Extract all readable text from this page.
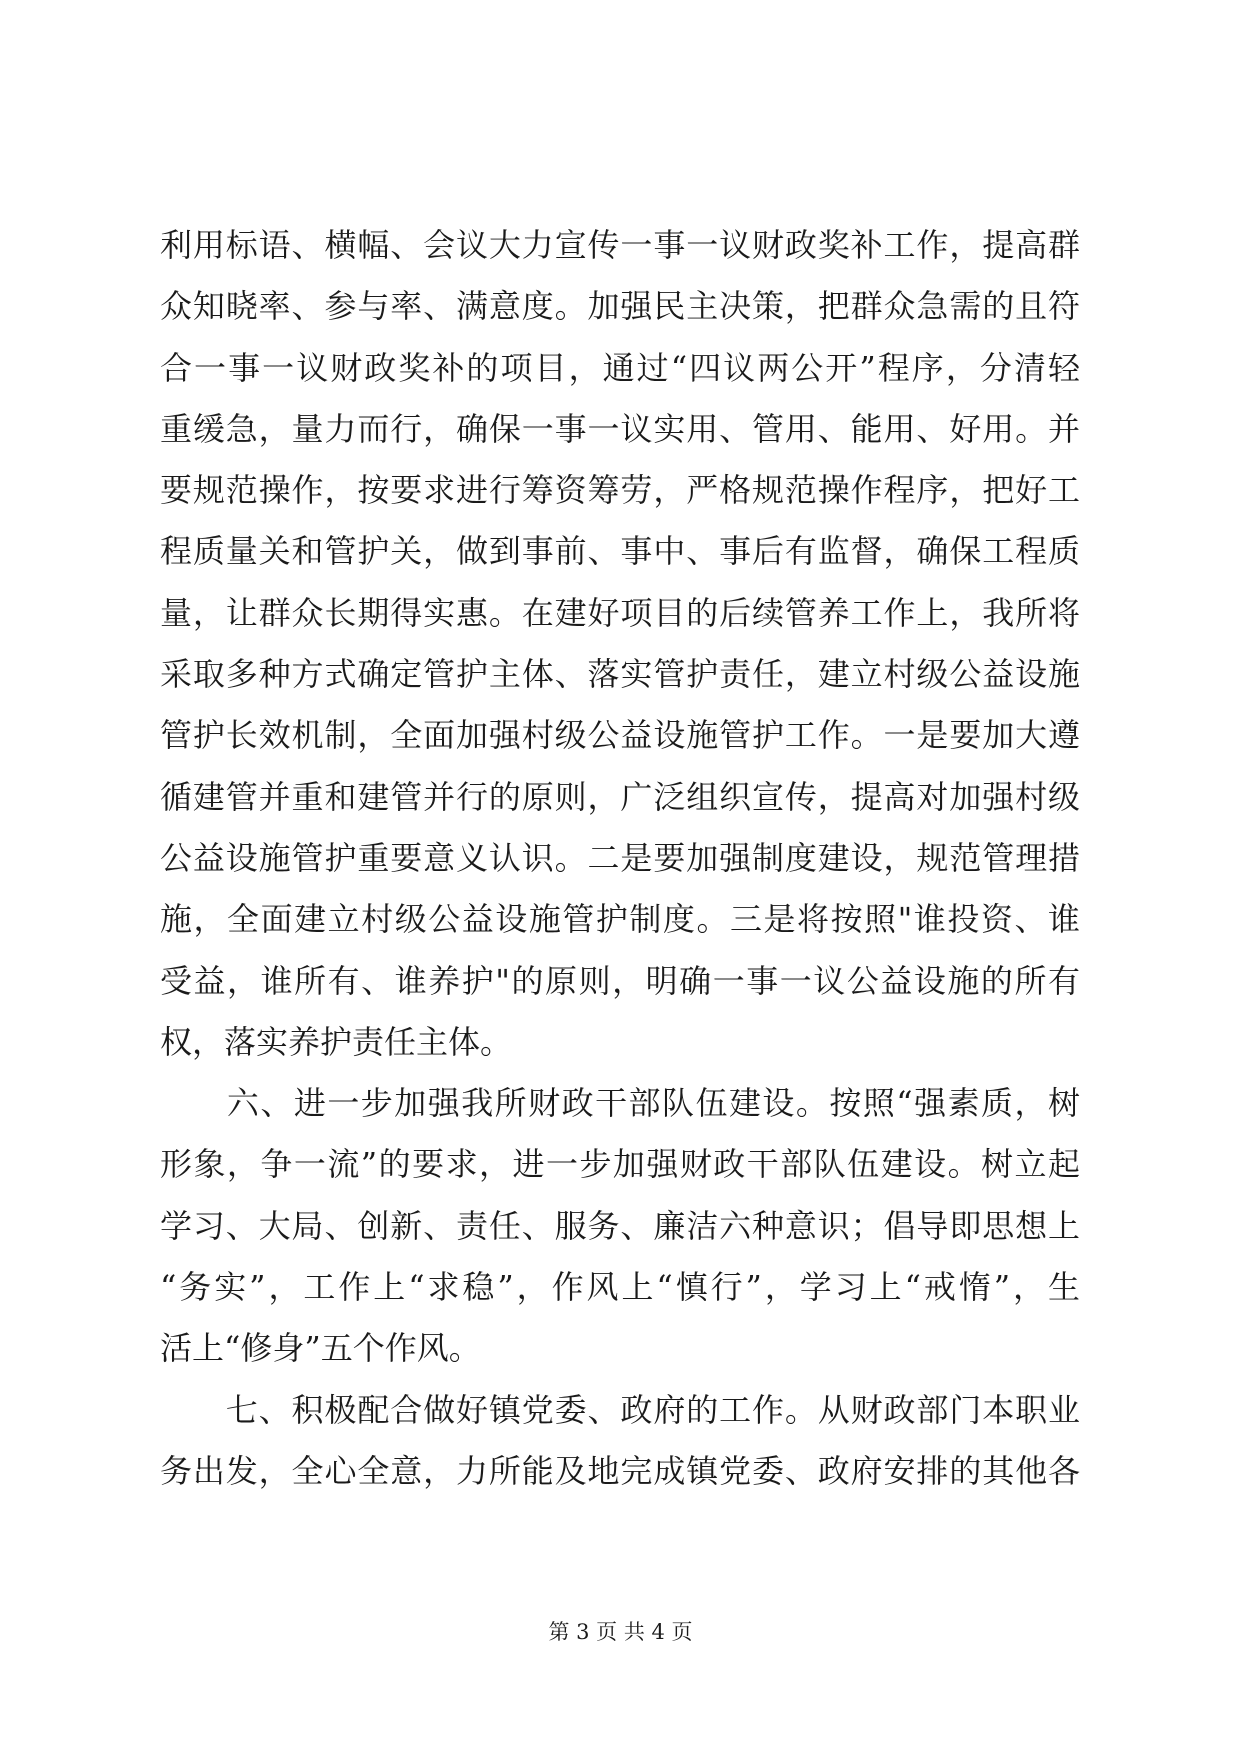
利用标语、横幅、会议大力宣传一事一议财政奖补工作，提高群
众知晓率、参与率、满意度。加强民主决策，把群众急需的且符
合一事一议财政奖补的项目，通过“四议两公开”程序，分清轻
重缓急，量力而行，确保一事一议实用、管用、能用、好用。并
要规范操作，按要求进行筹资筹劳，严格规范操作程序，把好工
程质量关和管护关，做到事前、事中、事后有监督，确保工程质
量，让群众长期得实惠。在建好项目的后续管养工作上，我所将
采取多种方式确定管护主体、落实管护责任，建立村级公益设施
管护长效机制，全面加强村级公益设施管护工作。一是要加大遵
循建管并重和建管并行的原则，广泛组织宣传，提高对加强村级
公益设施管护重要意义认识。二是要加强制度建设，规范管理措
施，全面建立村级公益设施管护制度。三是将按照"谁投资、谁
受益，谁所有、谁养护"的原则，明确一事一议公益设施的所有
权，落实养护责任主体。
　　六、进一步加强我所财政干部队伍建设。按照“强素质，树
形象，争一流”的要求，进一步加强财政干部队伍建设。树立起
学习、大局、创新、责任、服务、廉洁六种意识；倡导即思想上
“务实”，工作上“求稳”，作风上“慎行”，学习上“戒惰”，生
活上“修身”五个作风。
　　七、积极配合做好镇党委、政府的工作。从财政部门本职业
务出发，全心全意，力所能及地完成镇党委、政府安排的其他各
第 3 页 共 4 页
